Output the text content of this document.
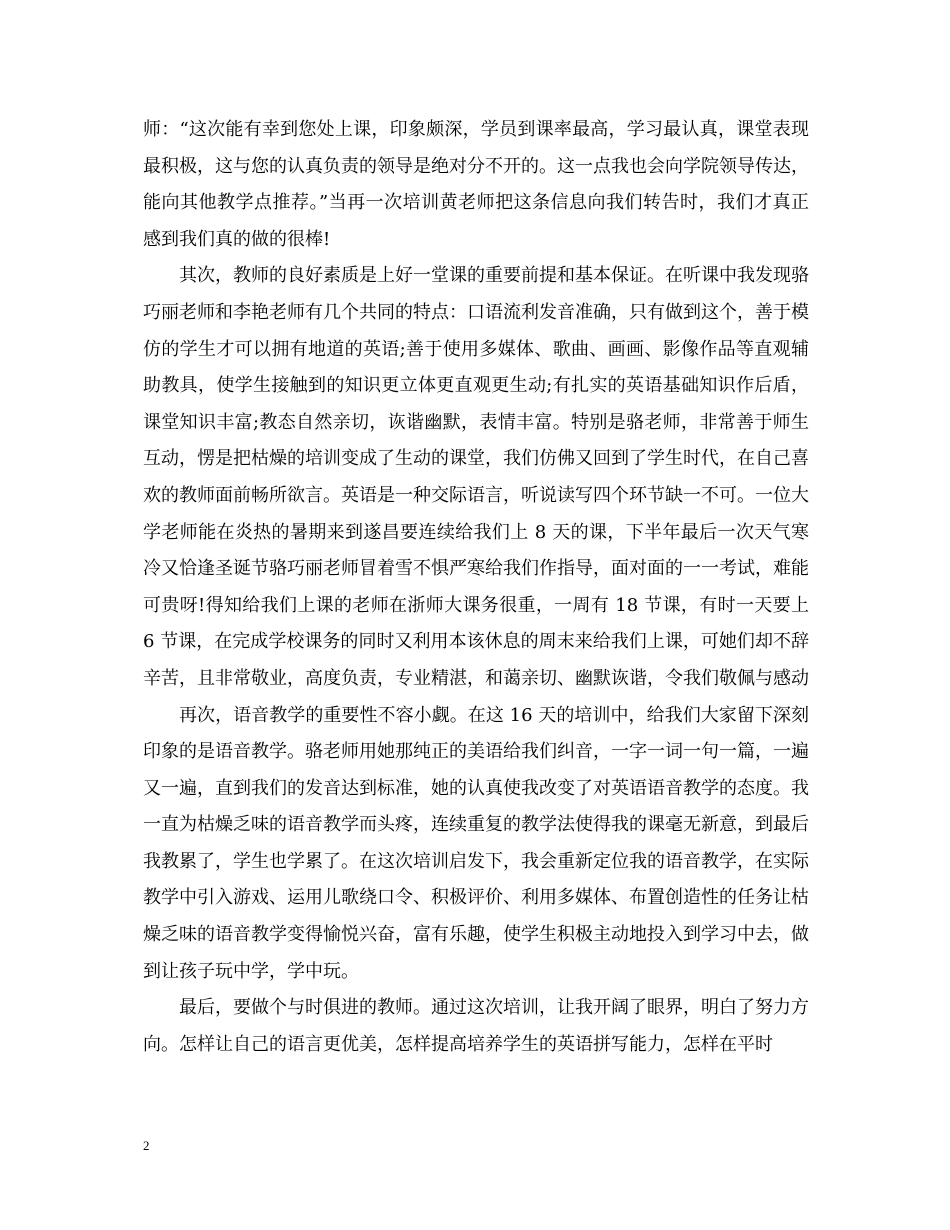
师：“这次能有幸到您处上课，印象颇深，学员到课率最高，学习最认真，课堂表现最积极，这与您的认真负责的领导是绝对分不开的。这一点我也会向学院领导传达，能向其他教学点推荐。”当再一次培训黄老师把这条信息向我们转告时，我们才真正感到我们真的做的很棒!

其次，教师的良好素质是上好一堂课的重要前提和基本保证。在听课中我发现骆巧丽老师和李艳老师有几个共同的特点：口语流利发音准确，只有做到这个，善于模仿的学生才可以拥有地道的英语;善于使用多媒体、歌曲、画画、影像作品等直观辅助教具，使学生接触到的知识更立体更直观更生动;有扎实的英语基础知识作后盾，课堂知识丰富;教态自然亲切，诙谐幽默，表情丰富。特别是骆老师，非常善于师生互动，愣是把枯燥的培训变成了生动的课堂，我们仿佛又回到了学生时代，在自己喜欢的教师面前畅所欲言。英语是一种交际语言，听说读写四个环节缺一不可。一位大学老师能在炎热的暑期来到遂昌要连续给我们上 8 天的课，下半年最后一次天气寒冷又恰逢圣诞节骆巧丽老师冒着雪不惧严寒给我们作指导，面对面的一一考试，难能可贵呀!得知给我们上课的老师在浙师大课务很重，一周有 18 节课，有时一天要上 6 节课，在完成学校课务的同时又利用本该休息的周末来给我们上课，可她们却不辞辛苦，且非常敬业，高度负责，专业精湛，和蔼亲切、幽默诙谐，令我们敬佩与感动

再次，语音教学的重要性不容小觑。在这 16 天的培训中，给我们大家留下深刻印象的是语音教学。骆老师用她那纯正的美语给我们纠音，一字一词一句一篇，一遍又一遍，直到我们的发音达到标准，她的认真使我改变了对英语语音教学的态度。我一直为枯燥乏味的语音教学而头疼，连续重复的教学法使得我的课毫无新意，到最后我教累了，学生也学累了。在这次培训启发下，我会重新定位我的语音教学，在实际教学中引入游戏、运用儿歌绕口令、积极评价、利用多媒体、布置创造性的任务让枯燥乏味的语音教学变得愉悦兴奋，富有乐趣，使学生积极主动地投入到学习中去，做到让孩子玩中学，学中玩。

最后，要做个与时俱进的教师。通过这次培训，让我开阔了眼界，明白了努力方向。怎样让自己的语言更优美，怎样提高培养学生的英语拼写能力，怎样在平时

2
